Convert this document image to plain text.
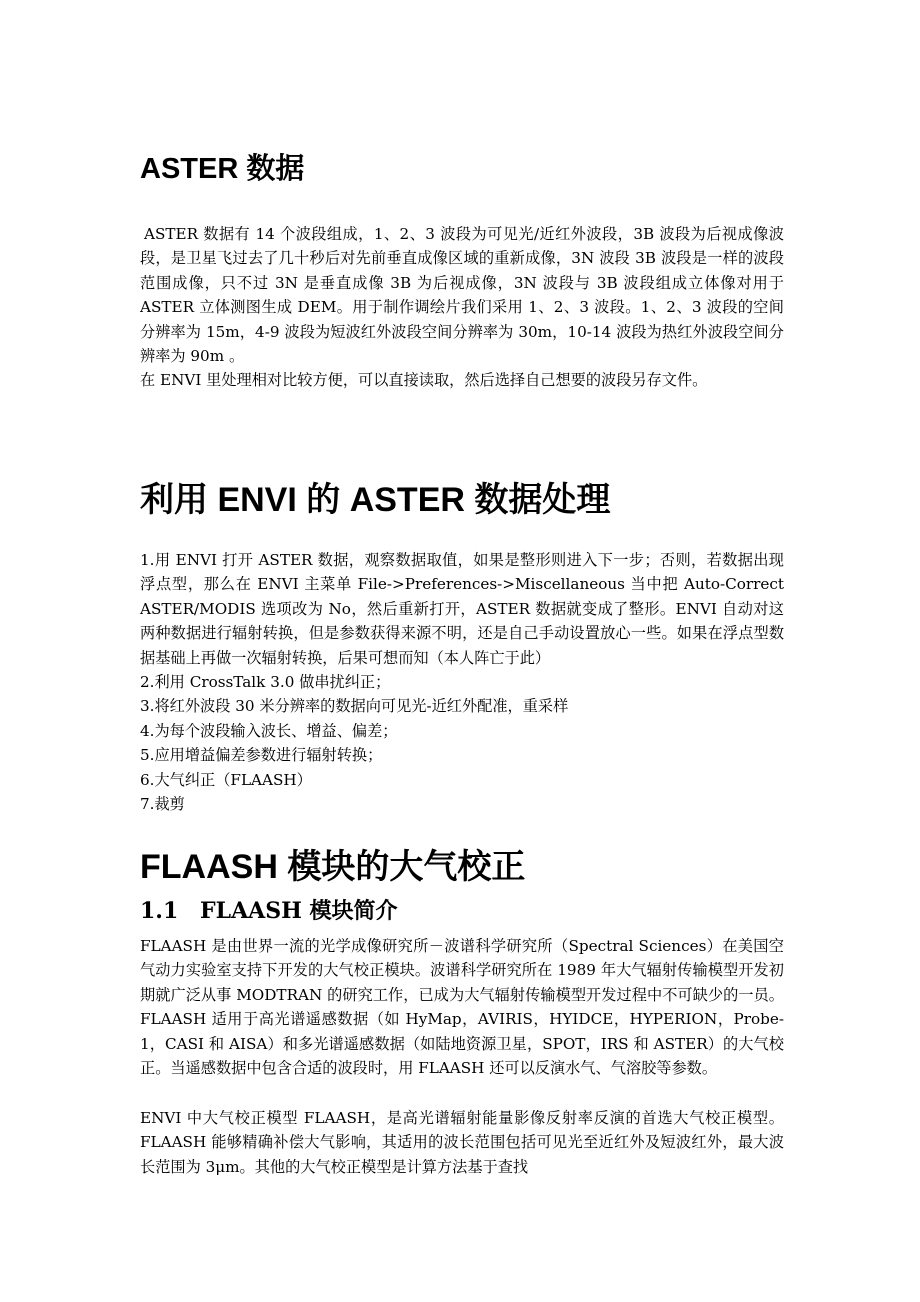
ASTER 数据

ASTER 数据有 14 个波段组成，1、2、3 波段为可见光/近红外波段，3B 波段为后视成像波段，是卫星飞过去了几十秒后对先前垂直成像区域的重新成像，3N 波段 3B 波段是一样的波段范围成像，只不过 3N 是垂直成像 3B 为后视成像，3N 波段与 3B 波段组成立体像对用于 ASTER 立体测图生成 DEM。用于制作调绘片我们采用 1、2、3 波段。1、2、3 波段的空间分辨率为 15m，4-9 波段为短波红外波段空间分辨率为 30m，10-14 波段为热红外波段空间分辨率为 90m 。

在 ENVI 里处理相对比较方便，可以直接读取，然后选择自己想要的波段另存文件。

利用 ENVI 的 ASTER 数据处理
1.用 ENVI 打开 ASTER 数据，观察数据取值，如果是整形则进入下一步；否则，若数据出现浮点型，那么在 ENVI 主菜单 File->Preferences->Miscellaneous 当中把 Auto-Correct ASTER/MODIS 选项改为 No，然后重新打开，ASTER 数据就变成了整形。ENVI 自动对这两种数据进行辐射转换，但是参数获得来源不明，还是自己手动设置放心一些。如果在浮点型数据基础上再做一次辐射转换，后果可想而知（本人阵亡于此）
2.利用 CrossTalk 3.0 做串扰纠正；
3.将红外波段 30 米分辨率的数据向可见光-近红外配准，重采样
4.为每个波段输入波长、增益、偏差；
5.应用增益偏差参数进行辐射转换；
6.大气纠正（FLAASH）
7.裁剪
FLAASH 模块的大气校正
1.1 FLAASH 模块简介

FLAASH 是由世界一流的光学成像研究所－波谱科学研究所（Spectral Sciences）在美国空气动力实验室支持下开发的大气校正模块。波谱科学研究所在 1989 年大气辐射传输模型开发初期就广泛从事 MODTRAN 的研究工作，已成为大气辐射传输模型开发过程中不可缺少的一员。FLAASH 适用于高光谱遥感数据（如 HyMap，AVIRIS，HYIDCE，HYPERION，Probe-1，CASI 和 AISA）和多光谱遥感数据（如陆地资源卫星，SPOT，IRS 和 ASTER）的大气校正。当遥感数据中包含合适的波段时，用 FLAASH 还可以反演水气、气溶胶等参数。

ENVI 中大气校正模型 FLAASH，是高光谱辐射能量影像反射率反演的首选大气校正模型。FLAASH 能够精确补偿大气影响，其适用的波长范围包括可见光至近红外及短波红外，最大波长范围为 3μm。其他的大气校正模型是计算方法基于查找
